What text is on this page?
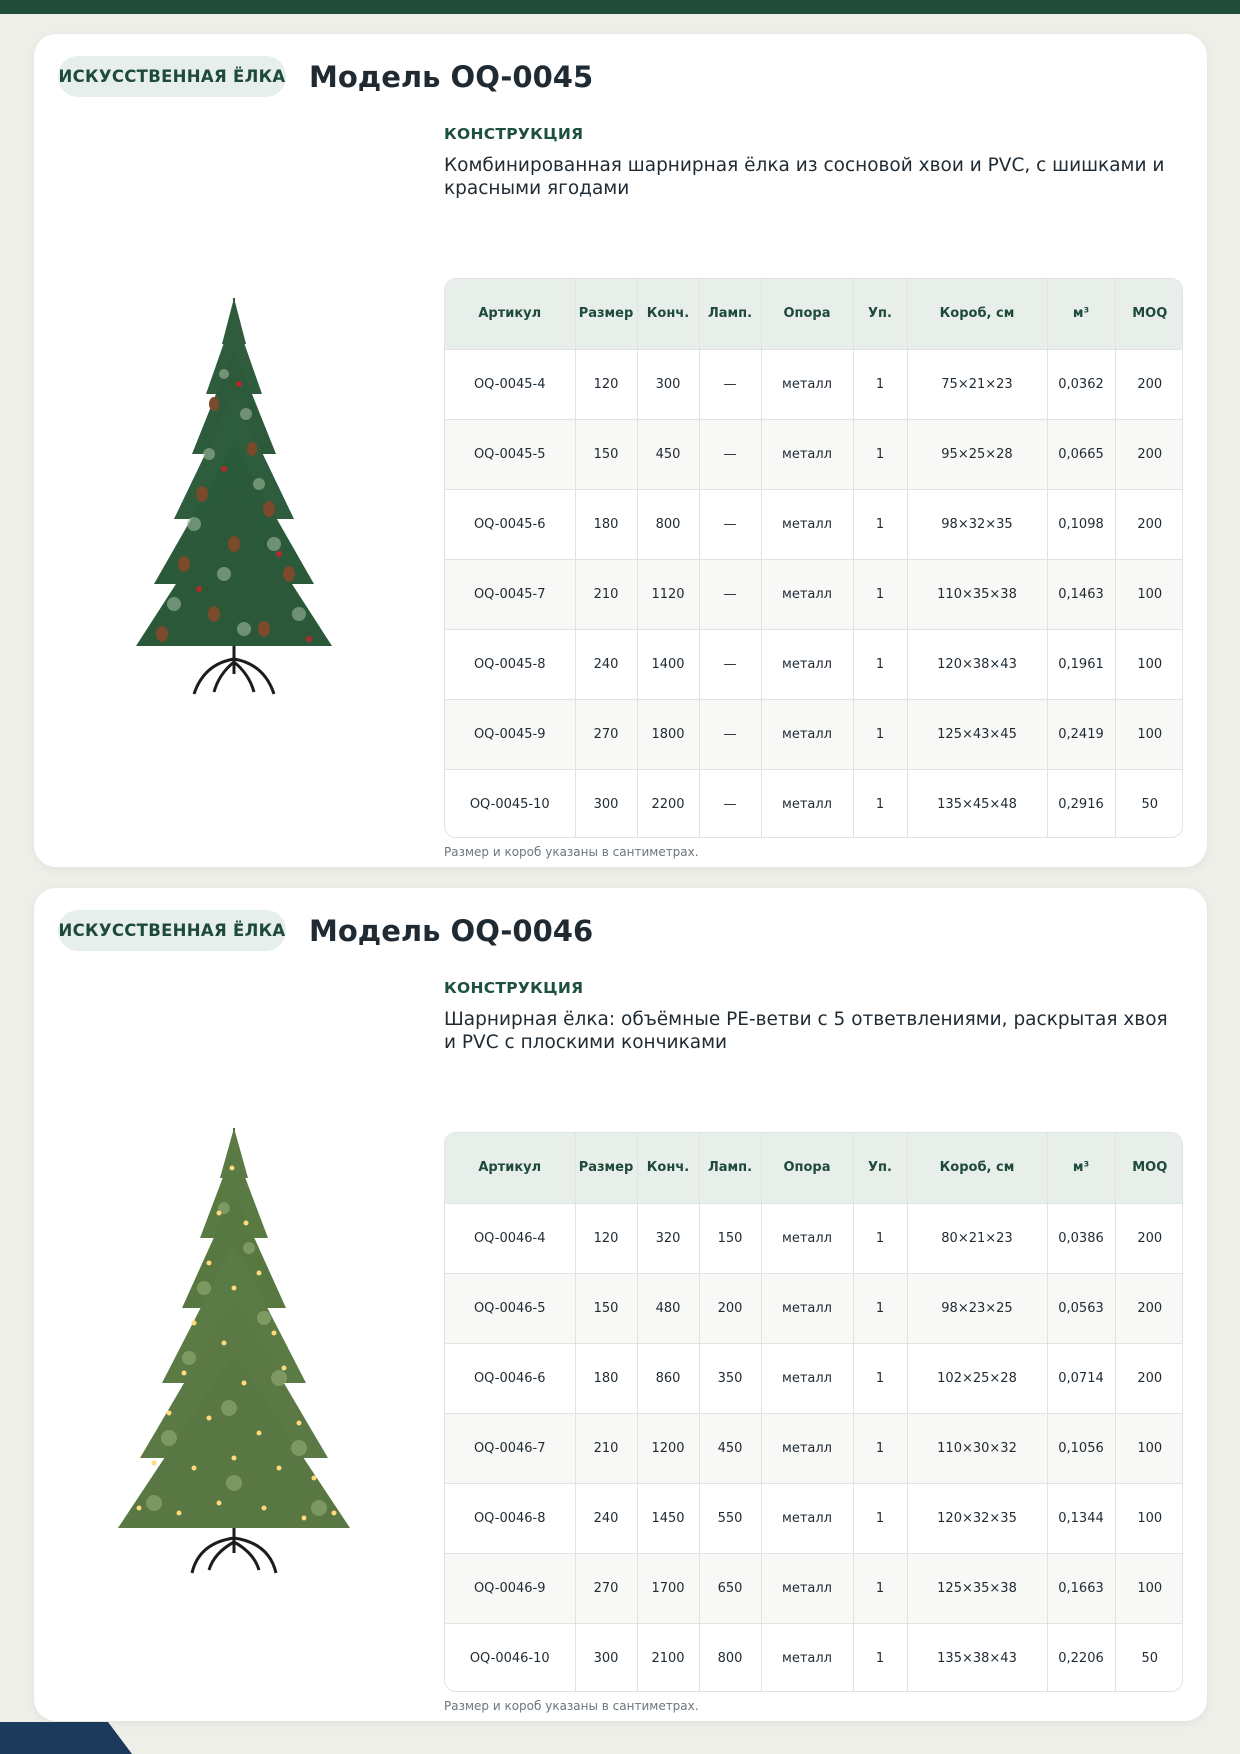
ИСКУССТВЕННАЯ ЁЛКА Модель OQ-0045
КОНСТРУКЦИЯ
Комбинированная шарнирная ёлка из сосновой хвои и PVC, с шишками и красными ягодами
Артикул	Размер	Конч.	Ламп.	Опора	Уп.	Короб, см	м³	MOQ
OQ-0045-4	120	300	—	металл	1	75×21×23	0,0362	200
OQ-0045-5	150	450	—	металл	1	95×25×28	0,0665	200
OQ-0045-6	180	800	—	металл	1	98×32×35	0,1098	200
OQ-0045-7	210	1120	—	металл	1	110×35×38	0,1463	100
OQ-0045-8	240	1400	—	металл	1	120×38×43	0,1961	100
OQ-0045-9	270	1800	—	металл	1	125×43×45	0,2419	100
OQ-0045-10	300	2200	—	металл	1	135×45×48	0,2916	50
Размер и короб указаны в сантиметрах.
ИСКУССТВЕННАЯ ЁЛКА Модель OQ-0046
КОНСТРУКЦИЯ
Шарнирная ёлка: объёмные PE-ветви с 5 ответвлениями, раскрытая хвоя и PVC с плоскими кончиками
Артикул	Размер	Конч.	Ламп.	Опора	Уп.	Короб, см	м³	MOQ
OQ-0046-4	120	320	150	металл	1	80×21×23	0,0386	200
OQ-0046-5	150	480	200	металл	1	98×23×25	0,0563	200
OQ-0046-6	180	860	350	металл	1	102×25×28	0,0714	200
OQ-0046-7	210	1200	450	металл	1	110×30×32	0,1056	100
OQ-0046-8	240	1450	550	металл	1	120×32×35	0,1344	100
OQ-0046-9	270	1700	650	металл	1	125×35×38	0,1663	100
OQ-0046-10	300	2100	800	металл	1	135×38×43	0,2206	50
Размер и короб указаны в сантиметрах.
